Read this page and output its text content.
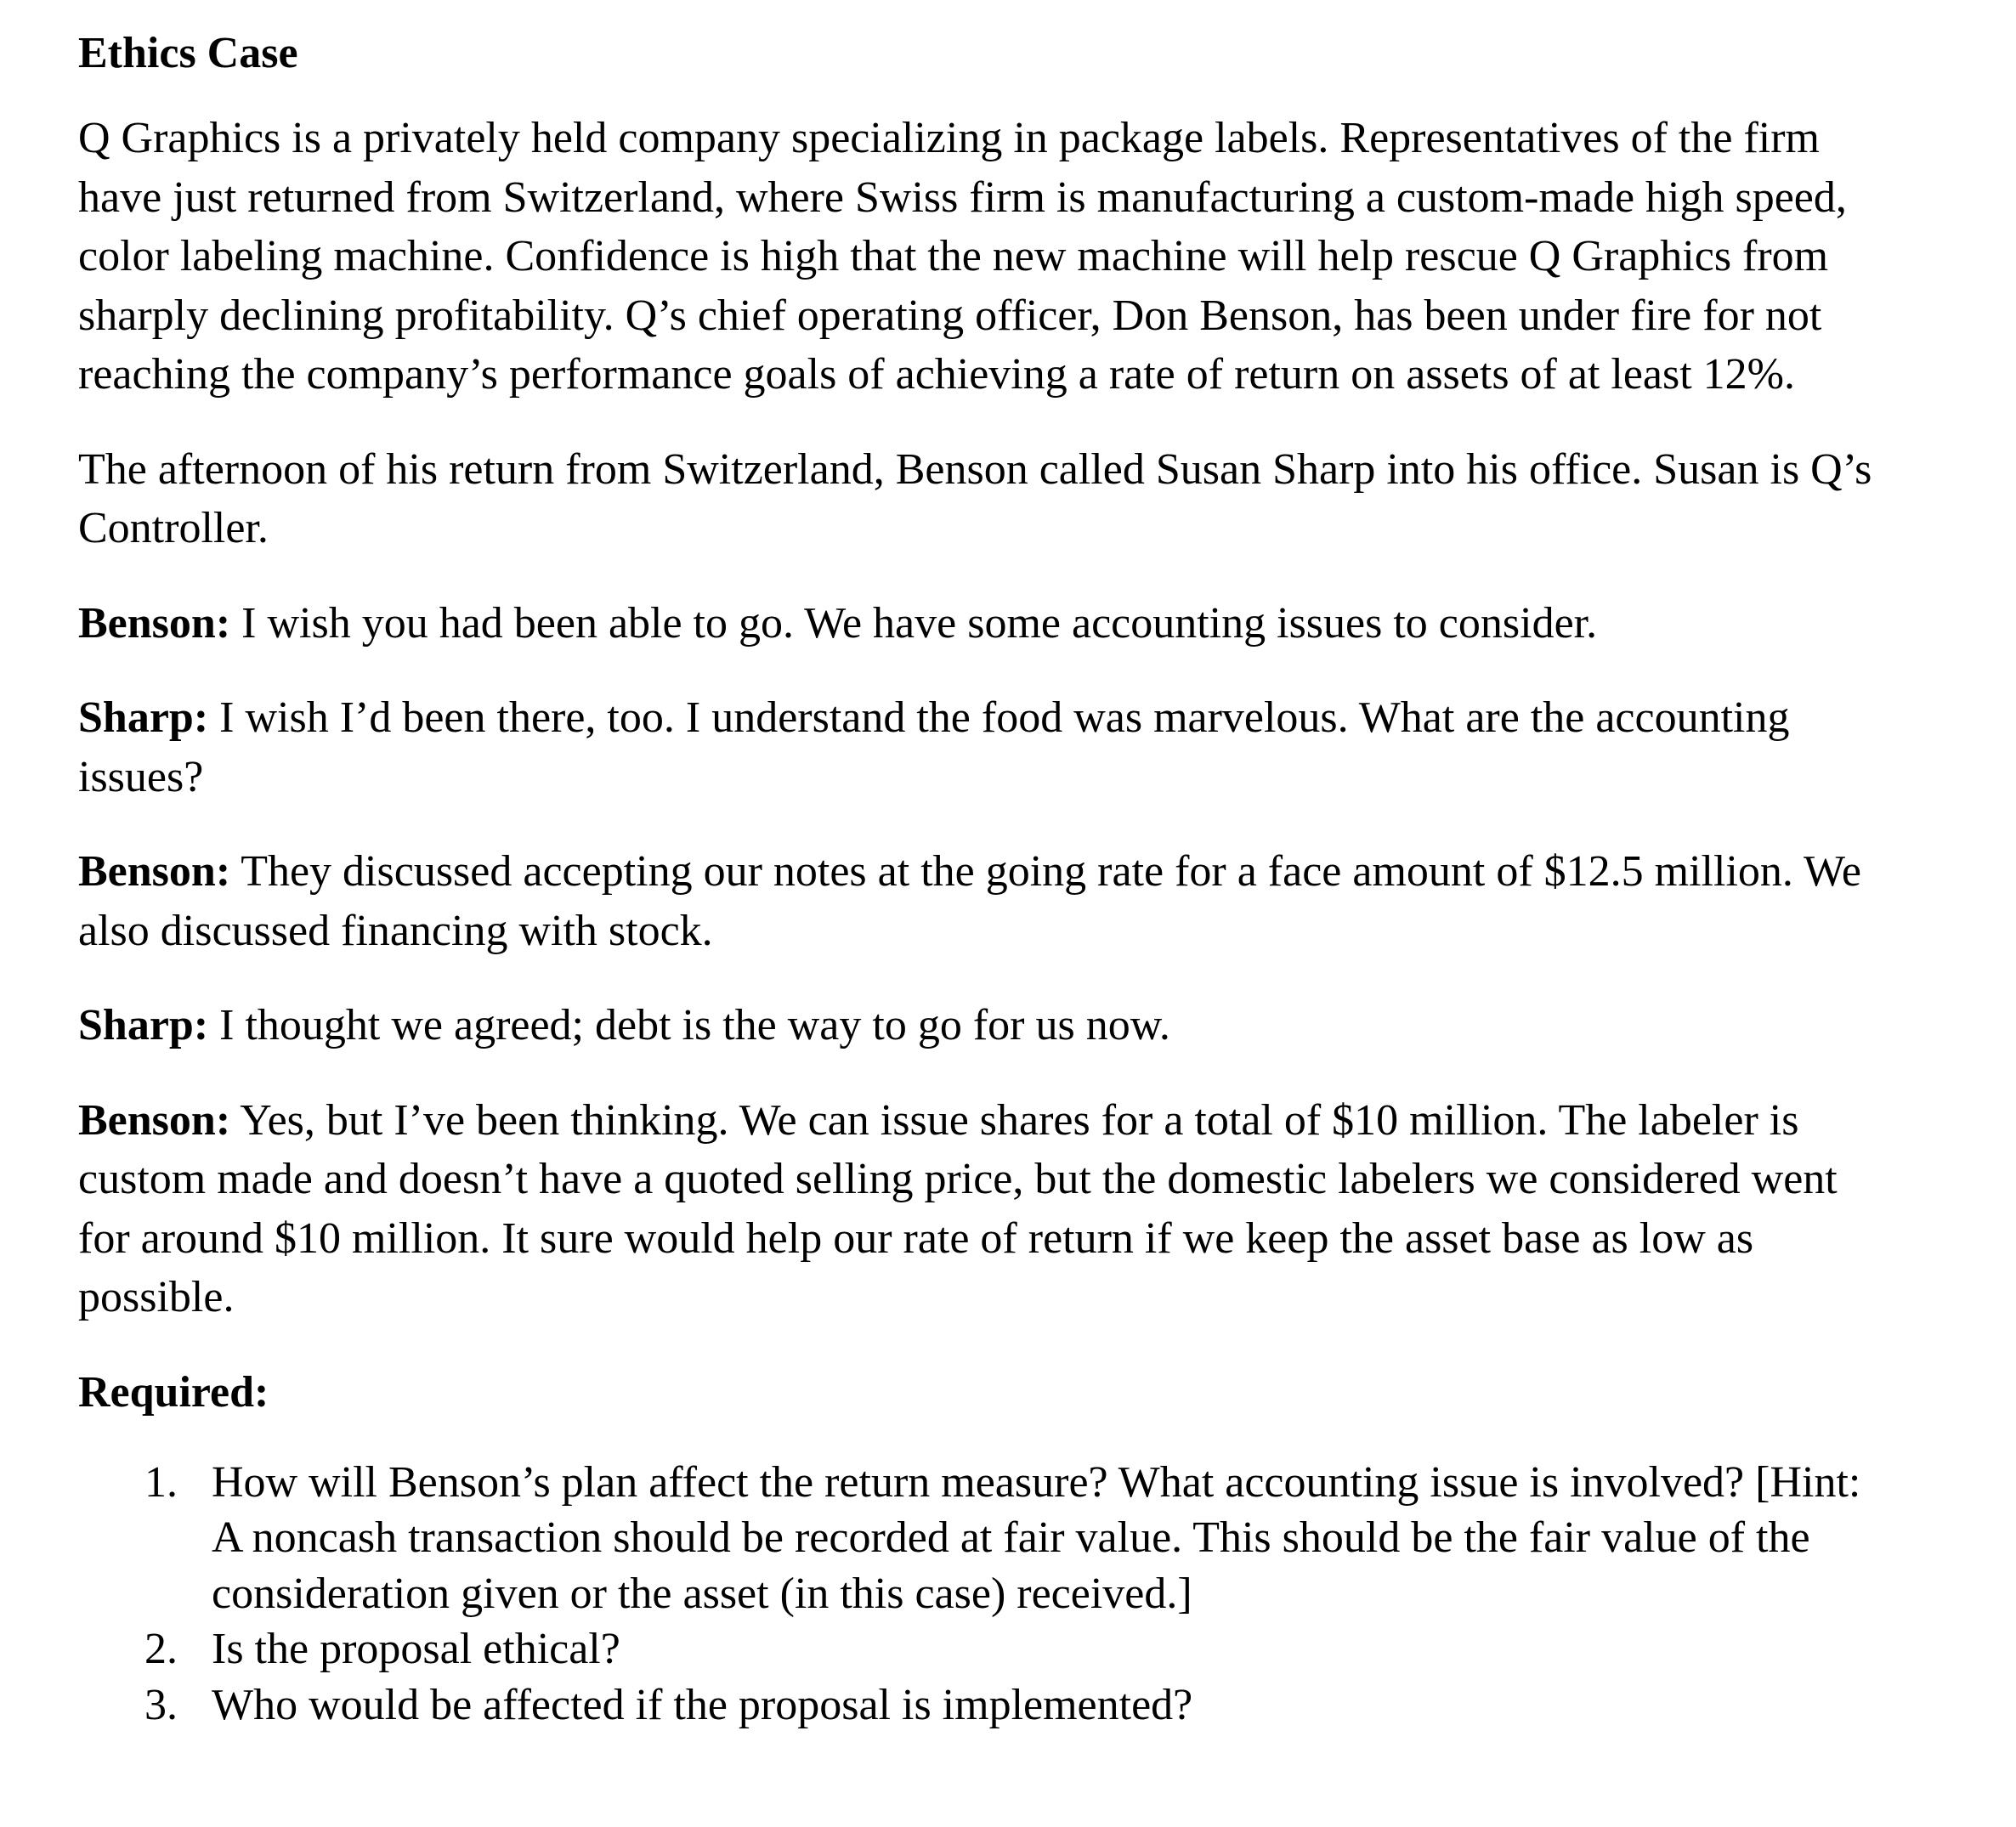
Ethics Case

Q Graphics is a privately held company specializing in package labels. Representatives of the firm have just returned from Switzerland, where Swiss firm is manufacturing a custom-made high speed, color labeling machine. Confidence is high that the new machine will help rescue Q Graphics from sharply declining profitability. Q’s chief operating officer, Don Benson, has been under fire for not reaching the company’s performance goals of achieving a rate of return on assets of at least 12%.

The afternoon of his return from Switzerland, Benson called Susan Sharp into his office. Susan is Q’s Controller.

Benson: I wish you had been able to go. We have some accounting issues to consider.

Sharp: I wish I’d been there, too. I understand the food was marvelous. What are the accounting issues?

Benson: They discussed accepting our notes at the going rate for a face amount of $12.5 million. We also discussed financing with stock.

Sharp: I thought we agreed; debt is the way to go for us now.

Benson: Yes, but I’ve been thinking. We can issue shares for a total of $10 million. The labeler is custom made and doesn’t have a quoted selling price, but the domestic labelers we considered went for around $10 million. It sure would help our rate of return if we keep the asset base as low as possible.

Required:
1. How will Benson’s plan affect the return measure? What accounting issue is involved? [Hint: A noncash transaction should be recorded at fair value. This should be the fair value of the consideration given or the asset (in this case) received.]
2. Is the proposal ethical?
3. Who would be affected if the proposal is implemented?
